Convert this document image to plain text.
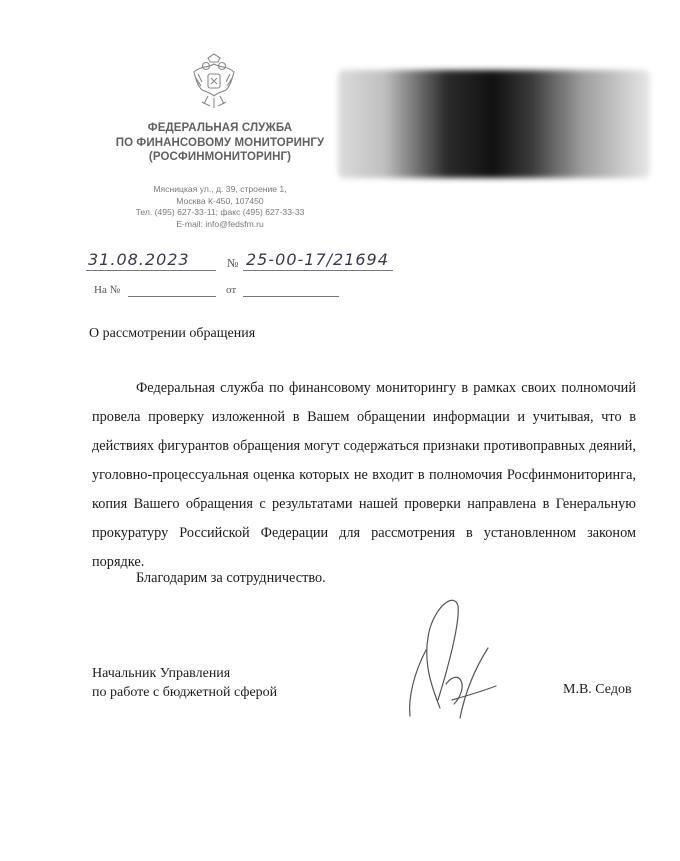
ФЕДЕРАЛЬНАЯ СЛУЖБА
ПО ФИНАНСОВОМУ МОНИТОРИНГУ
(РОСФИНМОНИТОРИНГ)
Мясницкая ул., д. 39, строение 1,
Москва К-450, 107450
Тел. (495) 627-33-11; факс (495) 627-33-33
E-mail: info@fedsfm.ru
31.08.2023	№ 25-00-17/21694
На №	от
О рассмотрении обращения

Федеральная служба по финансовому мониторингу в рамках своих полномочий провела проверку изложенной в Вашем обращении информации и учитывая, что в действиях фигурантов обращения могут содержаться признаки противоправных деяний, уголовно-процессуальная оценка которых не входит в полномочия Росфинмониторинга, копия Вашего обращения с результатами нашей проверки направлена в Генеральную прокуратуру Российской Федерации для рассмотрения в установленном законом порядке.

Благодарим за сотрудничество.
Начальник Управления
по работе с бюджетной сферой	М.В. Седов
